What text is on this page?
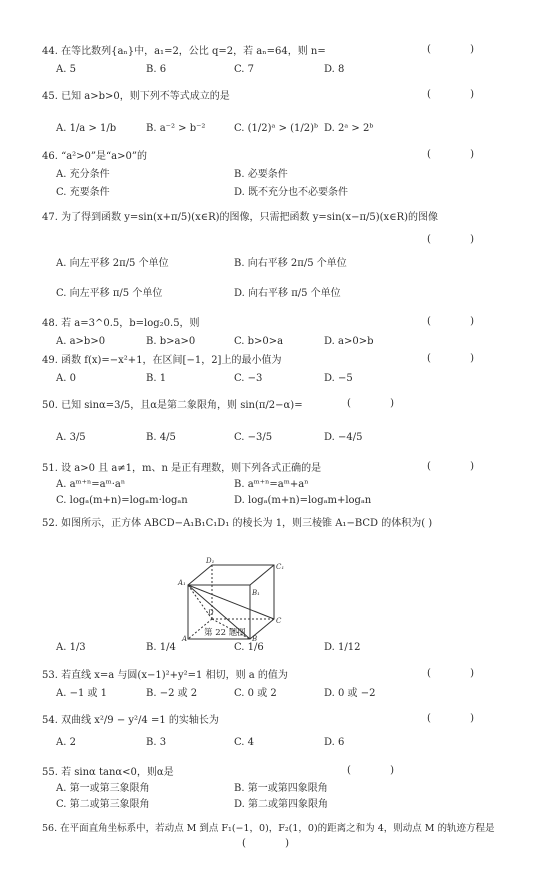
44. 在等比数列{aₙ}中，a₁=2，公比 q=2，若 aₙ=64，则 n=	( )
A. 5	B. 6	C. 7	D. 8
45. 已知 a>b>0，则下列不等式成立的是	( )
A. 1/a > 1/b	B. a⁻² > b⁻²	C. (1/2)ᵃ > (1/2)ᵇ D. 2ᵃ > 2ᵇ
46. “a²>0”是“a>0”的	( )
A. 充分条件	B. 必要条件
C. 充要条件	D. 既不充分也不必要条件
47. 为了得到函数 y=sin(x+π/5)(x∈R)的图像，只需把函数 y=sin(x−π/5)(x∈R)的图像
( )
A. 向左平移 2π/5 个单位	B. 向右平移 2π/5 个单位
C. 向左平移 π/5 个单位	D. 向右平移 π/5 个单位
48. 若 a=3^0.5，b=log₂0.5，则	( )
A. a>b>0	B. b>a>0	C. b>0>a	D. a>0>b
49. 函数 f(x)=−x²+1，在区间[−1，2]上的最小值为	( )
A. 0	B. 1	C. −3	D. −5
50. 已知 sinα=3/5，且α是第二象限角，则 sin(π/2−α)=	( )
A. 3/5	B. 4/5	C. −3/5	D. −4/5
51. 设 a>0 且 a≠1，m、n 是正有理数，则下列各式正确的是	( )
A. aᵐ⁺ⁿ=aᵐ·aⁿ	B. aᵐ⁺ⁿ=aᵐ+aⁿ
C. logₐ(m+n)=logₐm·logₐn	D. logₐ(m+n)=logₐm+logₐn
52. 如图所示，正方体 ABCD−A₁B₁C₁D₁ 的棱长为 1，则三棱锥 A₁−BCD 的体积为( )
D₁
C₁
A₁
B₁
D
C
A	B
第 22 题图
A. 1/3	B. 1/4	C. 1/6	D. 1/12
53. 若直线 x=a 与圆(x−1)²+y²=1 相切，则 a 的值为	( )
A. −1 或 1	B. −2 或 2	C. 0 或 2	D. 0 或 −2
54. 双曲线 x²/9 − y²/4 =1 的实轴长为	( )
A. 2	B. 3	C. 4	D. 6
55. 若 sinα tanα<0，则α是	( )
A. 第一或第三象限角	B. 第一或第四象限角
C. 第二或第三象限角	D. 第二或第四象限角
56. 在平面直角坐标系中，若动点 M 到点 F₁(−1，0)，F₂(1，0)的距离之和为 4，则动点 M 的轨迹方程是
( )
